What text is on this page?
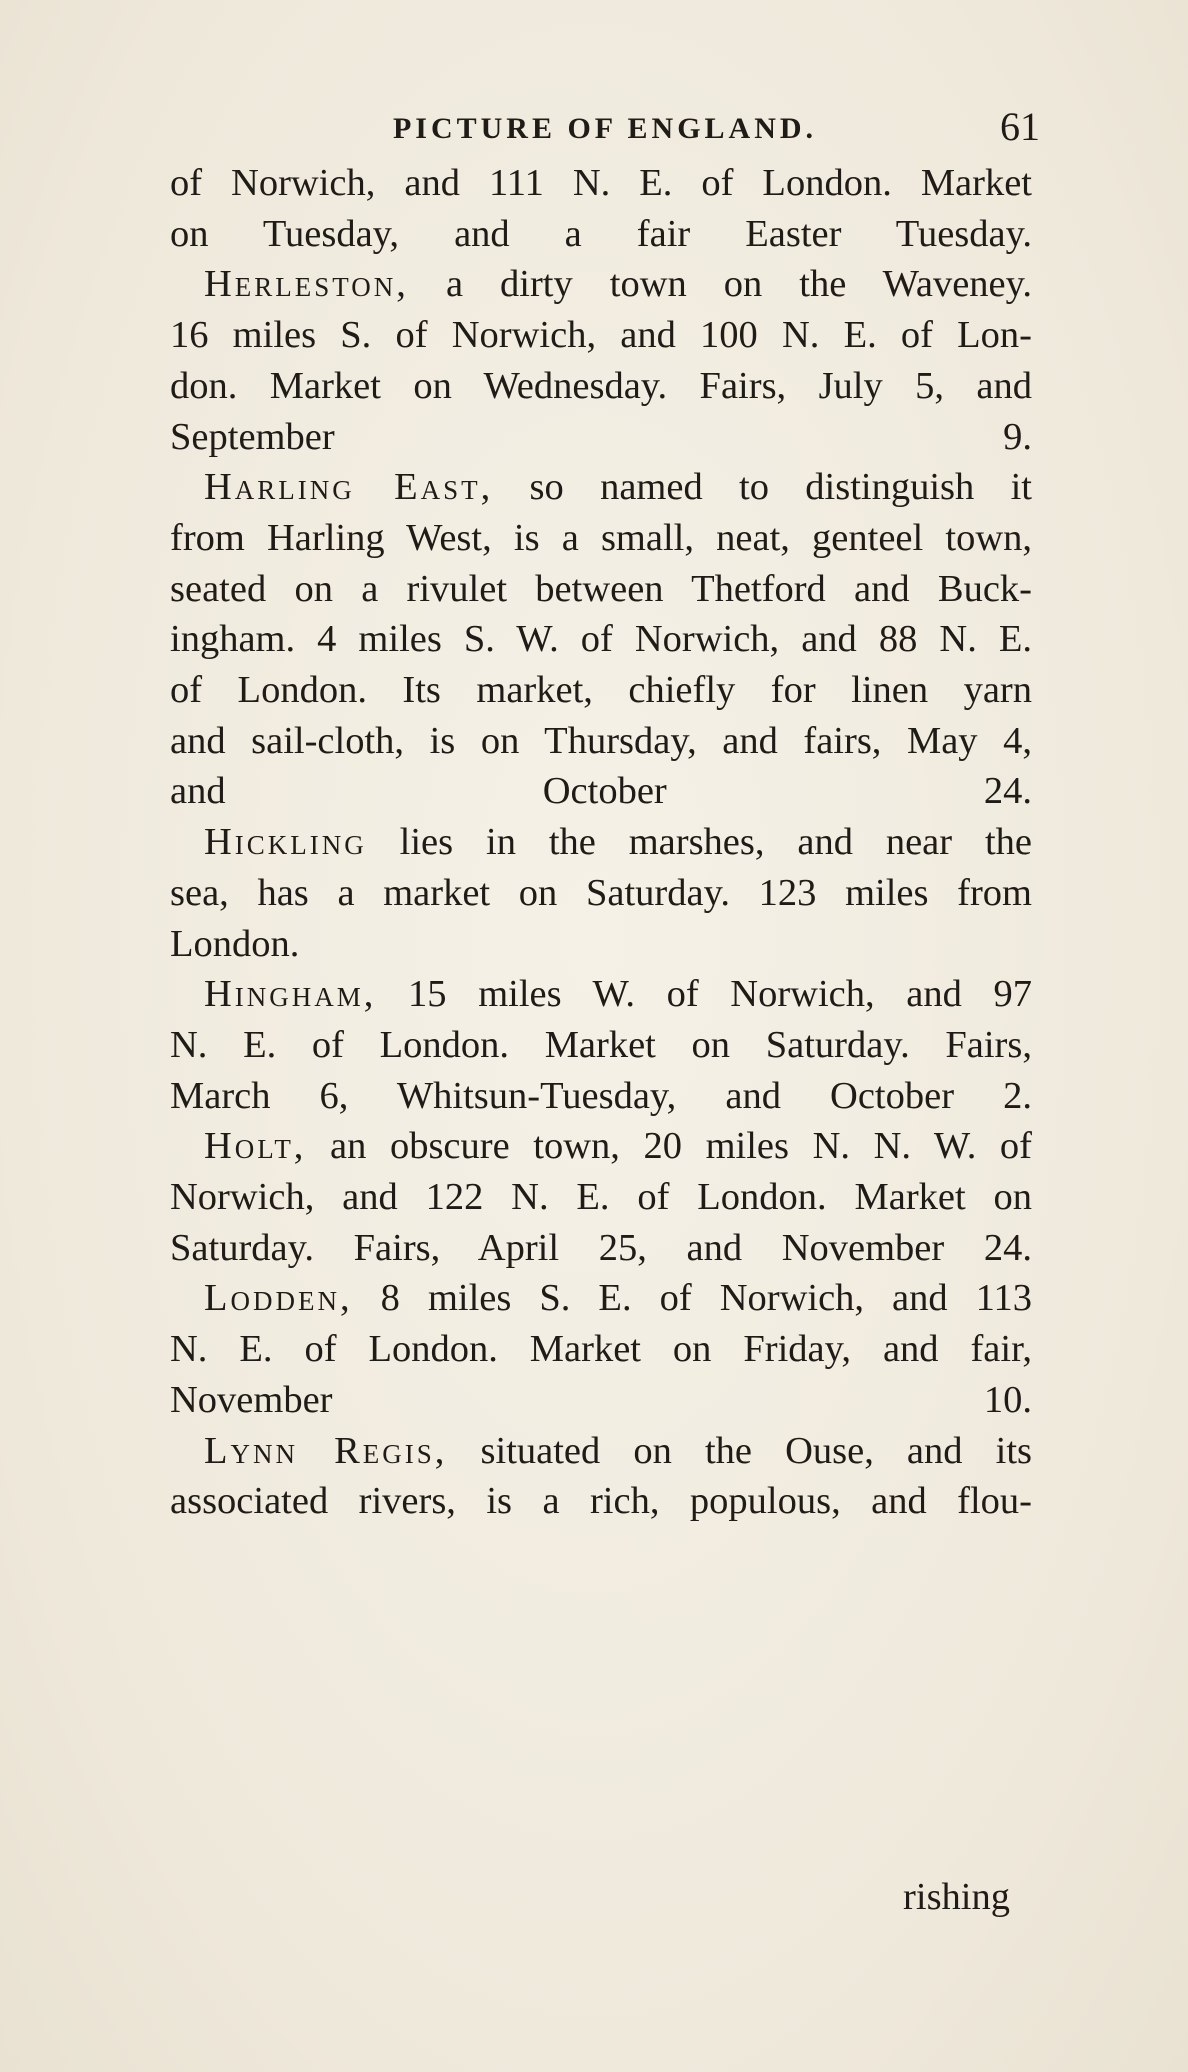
PICTURE OF ENGLAND.	61

of Norwich, and 111 N. E. of London. Market
on Tuesday, and a fair Easter Tuesday.

Herleston, a dirty town on the Waveney.
16 miles S. of Norwich, and 100 N. E. of Lon-
don. Market on Wednesday. Fairs, July 5, and
September 9.

Harling East, so named to distinguish it
from Harling West, is a small, neat, genteel town,
seated on a rivulet between Thetford and Buck-
ingham. 4 miles S. W. of Norwich, and 88 N. E.
of London. Its market, chiefly for linen yarn
and sail-cloth, is on Thursday, and fairs, May 4,
and October 24.

Hickling lies in the marshes, and near the
sea, has a market on Saturday. 123 miles from
London.

Hingham, 15 miles W. of Norwich, and 97
N. E. of London. Market on Saturday. Fairs,
March 6, Whitsun-Tuesday, and October 2.

Holt, an obscure town, 20 miles N. N. W. of
Norwich, and 122 N. E. of London. Market on
Saturday. Fairs, April 25, and November 24.

Lodden, 8 miles S. E. of Norwich, and 113
N. E. of London. Market on Friday, and fair,
November 10.

Lynn Regis, situated on the Ouse, and its
associated rivers, is a rich, populous, and flou-

rishing
